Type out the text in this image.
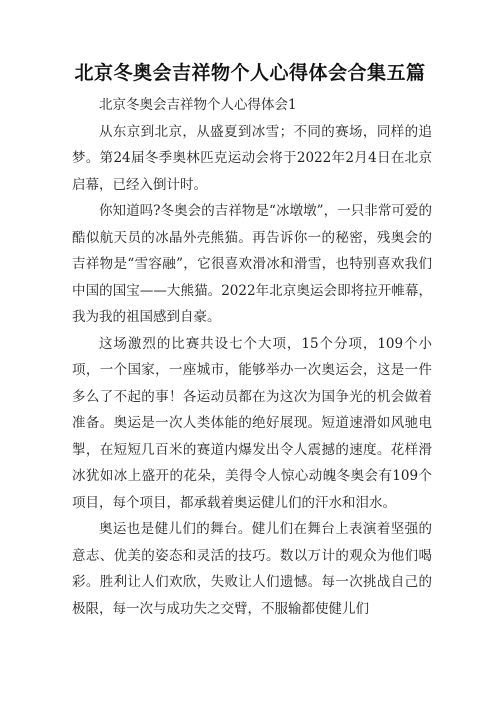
北京冬奥会吉祥物个人心得体会合集五篇

北京冬奥会吉祥物个人心得体会1

从东京到北京，从盛夏到冰雪；不同的赛场，同样的追梦。第24届冬季奥林匹克运动会将于2022年2月4日在北京启幕，已经入倒计时。

你知道吗?冬奥会的吉祥物是“冰墩墩”，一只非常可爱的酷似航天员的冰晶外壳熊猫。再告诉你一的秘密，残奥会的吉祥物是“雪容融”，它很喜欢滑冰和滑雪，也特别喜欢我们中国的国宝——大熊猫。2022年北京奥运会即将拉开帷幕，我为我的祖国感到自豪。

这场激烈的比赛共设七个大项，15个分项，109个小项，一个国家，一座城市，能够举办一次奥运会，这是一件多么了不起的事！各运动员都在为这次为国争光的机会做着准备。奥运是一次人类体能的绝好展现。短道速滑如风驰电掣，在短短几百米的赛道内爆发出令人震撼的速度。花样滑冰犹如冰上盛开的花朵，美得令人惊心动魄冬奥会有109个项目，每个项目，都承载着奥运健儿们的汗水和泪水。

奥运也是健儿们的舞台。健儿们在舞台上表演着坚强的意志、优美的姿态和灵活的技巧。数以万计的观众为他们喝彩。胜利让人们欢欣，失败让人们遗憾。每一次挑战自己的极限，每一次与成功失之交臂，不服输都使健儿们
